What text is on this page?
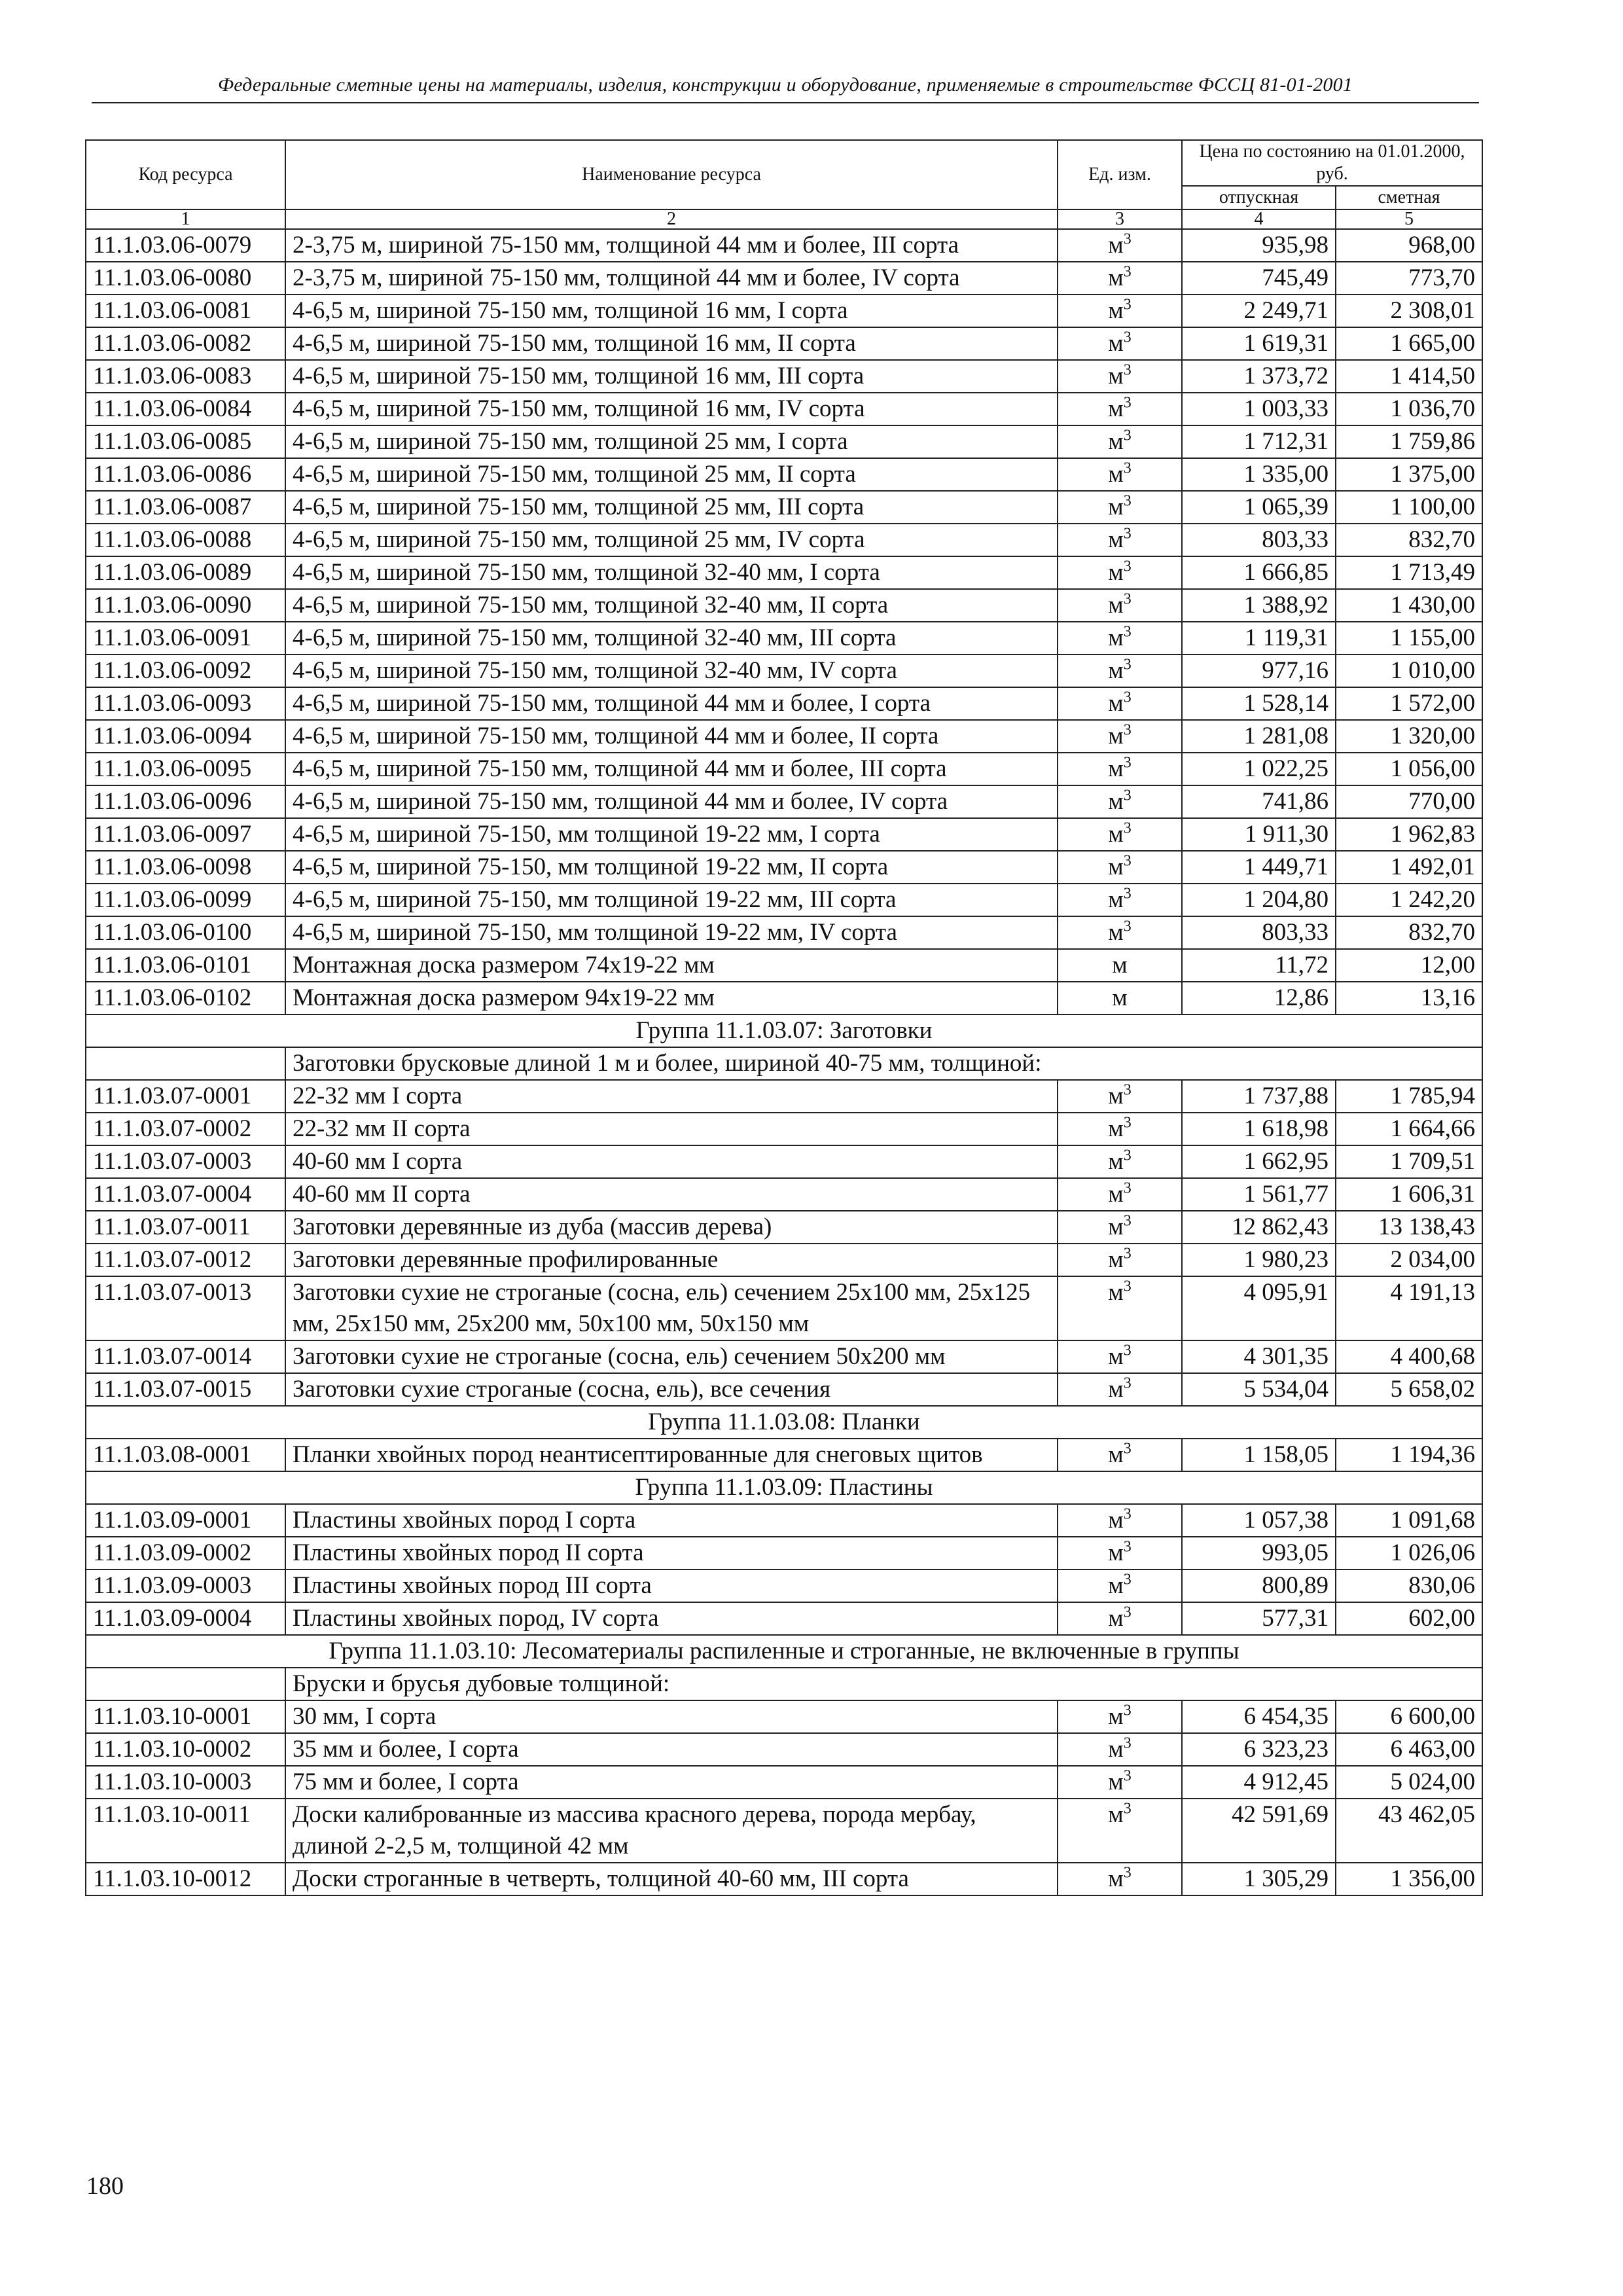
Федеральные сметные цены на материалы, изделия, конструкции и оборудование, применяемые в строительстве ФССЦ 81-01-2001
Код ресурса	Наименование ресурса	Ед. изм.	Цена по состоянию на 01.01.2000, руб.	
			отпускная	сметная
1	2	3	4	5
11.1.03.06-0079	2-3,75 м, шириной 75-150 мм, толщиной 44 мм и более, III сорта	$м^3$	935,98	968,00
11.1.03.06-0080	2-3,75 м, шириной 75-150 мм, толщиной 44 мм и более, IV сорта	$м^3$	745,49	773,70
11.1.03.06-0081	4-6,5 м, шириной 75-150 мм, толщиной 16 мм, I сорта	$м^3$	2 249,71	2 308,01
11.1.03.06-0082	4-6,5 м, шириной 75-150 мм, толщиной 16 мм, II сорта	$м^3$	1 619,31	1 665,00
11.1.03.06-0083	4-6,5 м, шириной 75-150 мм, толщиной 16 мм, III сорта	$м^3$	1 373,72	1 414,50
11.1.03.06-0084	4-6,5 м, шириной 75-150 мм, толщиной 16 мм, IV сорта	$м^3$	1 003,33	1 036,70
11.1.03.06-0085	4-6,5 м, шириной 75-150 мм, толщиной 25 мм, I сорта	$м^3$	1 712,31	1 759,86
11.1.03.06-0086	4-6,5 м, шириной 75-150 мм, толщиной 25 мм, II сорта	$м^3$	1 335,00	1 375,00
11.1.03.06-0087	4-6,5 м, шириной 75-150 мм, толщиной 25 мм, III сорта	$м^3$	1 065,39	1 100,00
11.1.03.06-0088	4-6,5 м, шириной 75-150 мм, толщиной 25 мм, IV сорта	$м^3$	803,33	832,70
11.1.03.06-0089	4-6,5 м, шириной 75-150 мм, толщиной 32-40 мм, I сорта	$м^3$	1 666,85	1 713,49
11.1.03.06-0090	4-6,5 м, шириной 75-150 мм, толщиной 32-40 мм, II сорта	$м^3$	1 388,92	1 430,00
11.1.03.06-0091	4-6,5 м, шириной 75-150 мм, толщиной 32-40 мм, III сорта	$м^3$	1 119,31	1 155,00
11.1.03.06-0092	4-6,5 м, шириной 75-150 мм, толщиной 32-40 мм, IV сорта	$м^3$	977,16	1 010,00
11.1.03.06-0093	4-6,5 м, шириной 75-150 мм, толщиной 44 мм и более, I сорта	$м^3$	1 528,14	1 572,00
11.1.03.06-0094	4-6,5 м, шириной 75-150 мм, толщиной 44 мм и более, II сорта	$м^3$	1 281,08	1 320,00
11.1.03.06-0095	4-6,5 м, шириной 75-150 мм, толщиной 44 мм и более, III сорта	$м^3$	1 022,25	1 056,00
11.1.03.06-0096	4-6,5 м, шириной 75-150 мм, толщиной 44 мм и более, IV сорта	$м^3$	741,86	770,00
11.1.03.06-0097	4-6,5 м, шириной 75-150, мм толщиной 19-22 мм, I сорта	$м^3$	1 911,30	1 962,83
11.1.03.06-0098	4-6,5 м, шириной 75-150, мм толщиной 19-22 мм, II сорта	$м^3$	1 449,71	1 492,01
11.1.03.06-0099	4-6,5 м, шириной 75-150, мм толщиной 19-22 мм, III сорта	$м^3$	1 204,80	1 242,20
11.1.03.06-0100	4-6,5 м, шириной 75-150, мм толщиной 19-22 мм, IV сорта	$м^3$	803,33	832,70
11.1.03.06-0101	Монтажная доска размером 74х19-22 мм	м	11,72	12,00
11.1.03.06-0102	Монтажная доска размером 94х19-22 мм	м	12,86	13,16
Группа 11.1.03.07: Заготовки				
	Заготовки брусковые длиной 1 м и более, шириной 40-75 мм, толщиной:			
11.1.03.07-0001	22-32 мм I сорта	$м^3$	1 737,88	1 785,94
11.1.03.07-0002	22-32 мм II сорта	$м^3$	1 618,98	1 664,66
11.1.03.07-0003	40-60 мм I сорта	$м^3$	1 662,95	1 709,51
11.1.03.07-0004	40-60 мм II сорта	$м^3$	1 561,77	1 606,31
11.1.03.07-0011	Заготовки деревянные из дуба (массив дерева)	$м^3$	12 862,43	13 138,43
11.1.03.07-0012	Заготовки деревянные профилированные	$м^3$	1 980,23	2 034,00
11.1.03.07-0013	Заготовки сухие не строганые (сосна, ель) сечением 25х100 мм, 25х125 мм, 25х150 мм, 25х200 мм, 50х100 мм, 50х150 мм	$м^3$	4 095,91	4 191,13
11.1.03.07-0014	Заготовки сухие не строганые (сосна, ель) сечением 50х200 мм	$м^3$	4 301,35	4 400,68
11.1.03.07-0015	Заготовки сухие строганые (сосна, ель), все сечения	$м^3$	5 534,04	5 658,02
Группа 11.1.03.08: Планки				
11.1.03.08-0001	Планки хвойных пород неантисептированные для снеговых щитов	$м^3$	1 158,05	1 194,36
Группа 11.1.03.09: Пластины				
11.1.03.09-0001	Пластины хвойных пород I сорта	$м^3$	1 057,38	1 091,68
11.1.03.09-0002	Пластины хвойных пород II сорта	$м^3$	993,05	1 026,06
11.1.03.09-0003	Пластины хвойных пород III сорта	$м^3$	800,89	830,06
11.1.03.09-0004	Пластины хвойных пород, IV сорта	$м^3$	577,31	602,00
Группа 11.1.03.10: Лесоматериалы распиленные и строганные, не включенные в группы				
	Бруски и брусья дубовые толщиной:			
11.1.03.10-0001	30 мм, I сорта	$м^3$	6 454,35	6 600,00
11.1.03.10-0002	35 мм и более, I сорта	$м^3$	6 323,23	6 463,00
11.1.03.10-0003	75 мм и более, I сорта	$м^3$	4 912,45	5 024,00
11.1.03.10-0011	Доски калиброванные из массива красного дерева, порода мербау, длиной 2-2,5 м, толщиной 42 мм	$м^3$	42 591,69	43 462,05
11.1.03.10-0012	Доски строганные в четверть, толщиной 40-60 мм, III сорта	$м^3$	1 305,29	1 356,00
180
